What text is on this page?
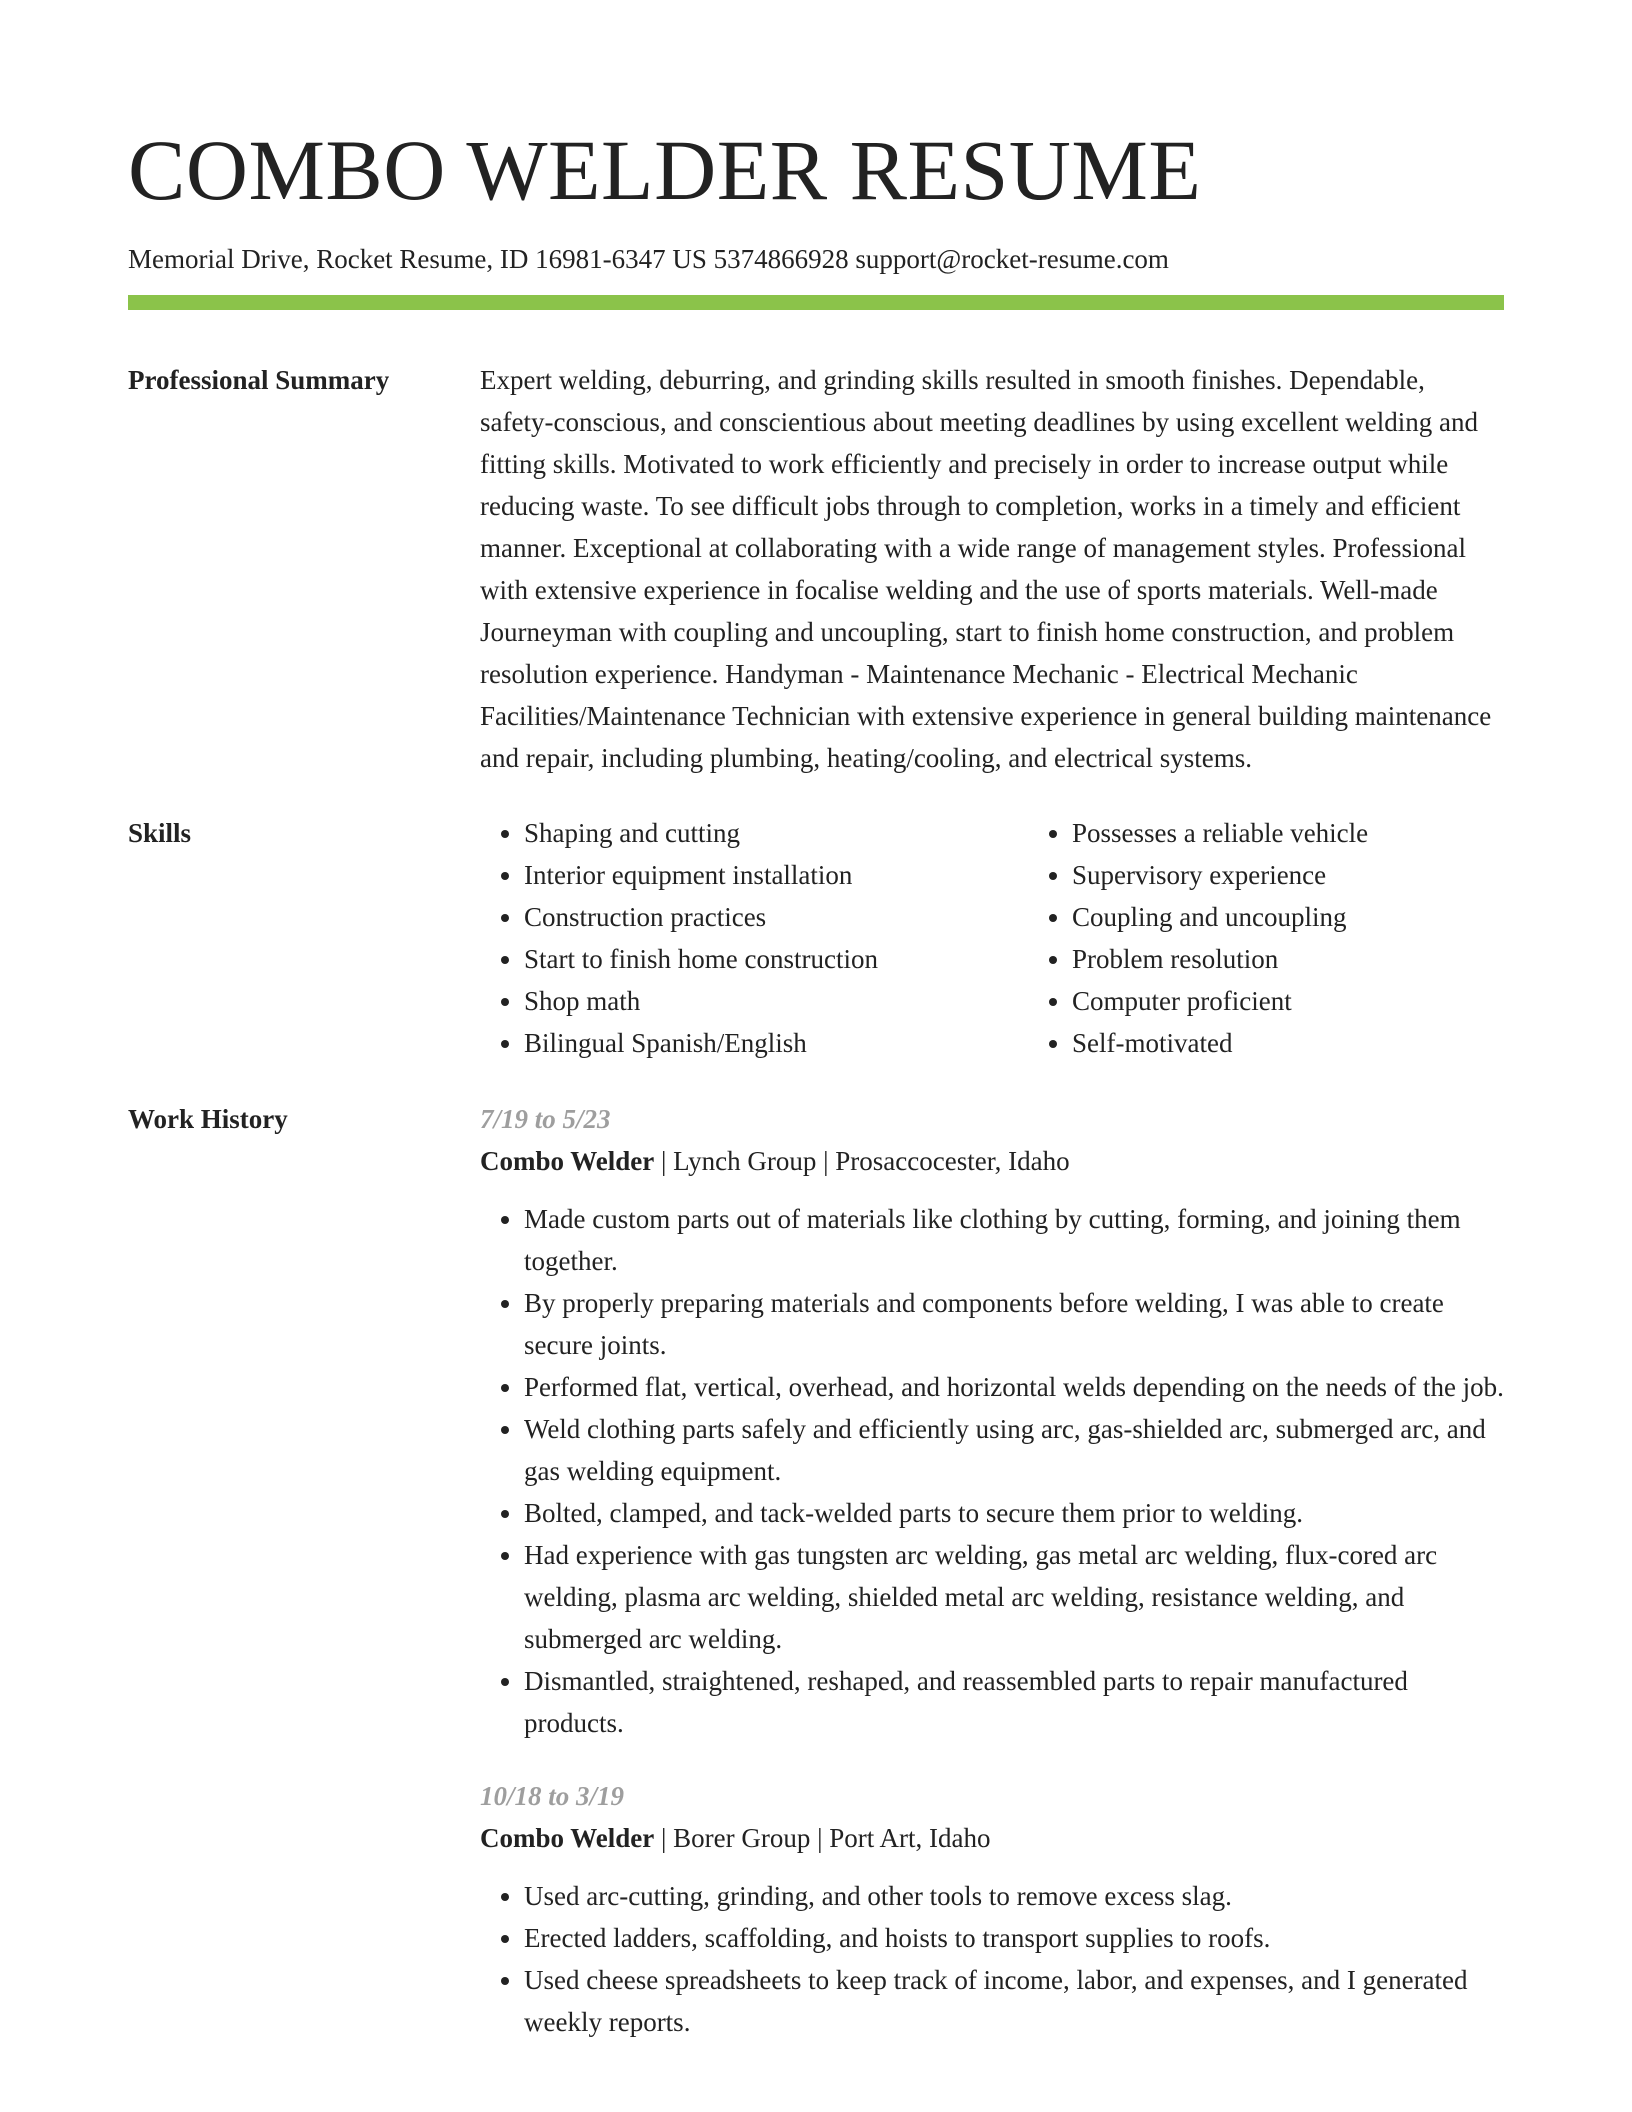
COMBO WELDER RESUME
Memorial Drive, Rocket Resume, ID 16981-6347 US 5374866928 support@rocket-resume.com
Professional Summary	Expert welding, deburring, and grinding skills resulted in smooth finishes. Dependable, safety-conscious, and conscientious about meeting deadlines by using excellent welding and fitting skills. Motivated to work efficiently and precisely in order to increase output while reducing waste. To see difficult jobs through to completion, works in a timely and efficient manner. Exceptional at collaborating with a wide range of management styles. Professional with extensive experience in focalise welding and the use of sports materials. Well-made Journeyman with coupling and uncoupling, start to finish home construction, and problem resolution experience. Handyman - Maintenance Mechanic - Electrical Mechanic Facilities/Maintenance Technician with extensive experience in general building maintenance and repair, including plumbing, heating/cooling, and electrical systems.

Skills
•	Shaping and cutting
• Interior equipment installation
• Construction practices
• Start to finish home construction
• Shop math
• Bilingual Spanish/English
• Possesses a reliable vehicle
• Supervisory experience
• Coupling and uncoupling
• Problem resolution
• Computer proficient
• Self-motivated
Work History	7/19 to 5/23
Combo Welder | Lynch Group | Prosaccocester, Idaho
• Made custom parts out of materials like clothing by cutting, forming, and joining them together.
• By properly preparing materials and components before welding, I was able to create secure joints.
• Performed flat, vertical, overhead, and horizontal welds depending on the needs of the job.
• Weld clothing parts safely and efficiently using arc, gas-shielded arc, submerged arc, and gas welding equipment.
• Bolted, clamped, and tack-welded parts to secure them prior to welding.
• Had experience with gas tungsten arc welding, gas metal arc welding, flux-cored arc welding, plasma arc welding, shielded metal arc welding, resistance welding, and submerged arc welding.
• Dismantled, straightened, reshaped, and reassembled parts to repair manufactured products.
10/18 to 3/19
Combo Welder | Borer Group | Port Art, Idaho
• Used arc-cutting, grinding, and other tools to remove excess slag.
• Erected ladders, scaffolding, and hoists to transport supplies to roofs.
• Used cheese spreadsheets to keep track of income, labor, and expenses, and I generated weekly reports.
